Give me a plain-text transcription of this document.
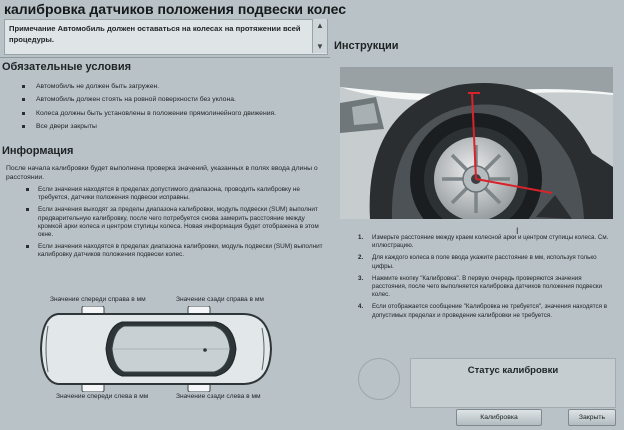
калибровка датчиков положения подвески колес
Примечание Автомобиль должен оставаться на колесах на протяжении всей процедуры.
▲
▼ Инструкции
Обязательные условия
Автомобиль не должен быть загружен.
Автомобиль должен стоять на ровной поверхности без уклона.
Колеса должны быть установлены в положение прямолинейного движения.
Все двери закрыты
Информация
После начала калибровки будет выполнена проверка значений, указанных в полях ввода длины о расстоянии.
Если значения находятся в пределах допустимого диапазона, проводить калибровку не требуется, датчики положения подвески исправны.
Если значения выходят за пределы диапазона калибровки, модуль подвески (SUM) выполнит предварительную калибровку, после чего потребуется снова замерить расстояние между кромкой арки колеса и центром ступицы колеса. Новая информация будет отображена в этом окне.
Если значения находятся в пределах диапазона калибровки, модуль подвески (SUM) выполнит калибровку датчиков положения подвески колес.
Значение спереди справа в мм	Значение сзади справа в мм
Значение спереди слева в мм	Значение сзади слева в мм
I
1. Измерьте расстояние между краем колесной арки и центром ступицы колеса. См. иллюстрацию.
2. Для каждого колеса в поле ввода укажите расстояние в мм, используя только цифры.
3. Нажмите кнопку "Калибровка". В первую очередь проверяются значения расстояния, после чего выполняется калибровка датчиков положения подвески колес.
4. Если отображается сообщение "Калибровка не требуется", значения находятся в допустимых пределах и проведение калибровки не требуется.
Статус калибровки
Калибровка	Закрыть
